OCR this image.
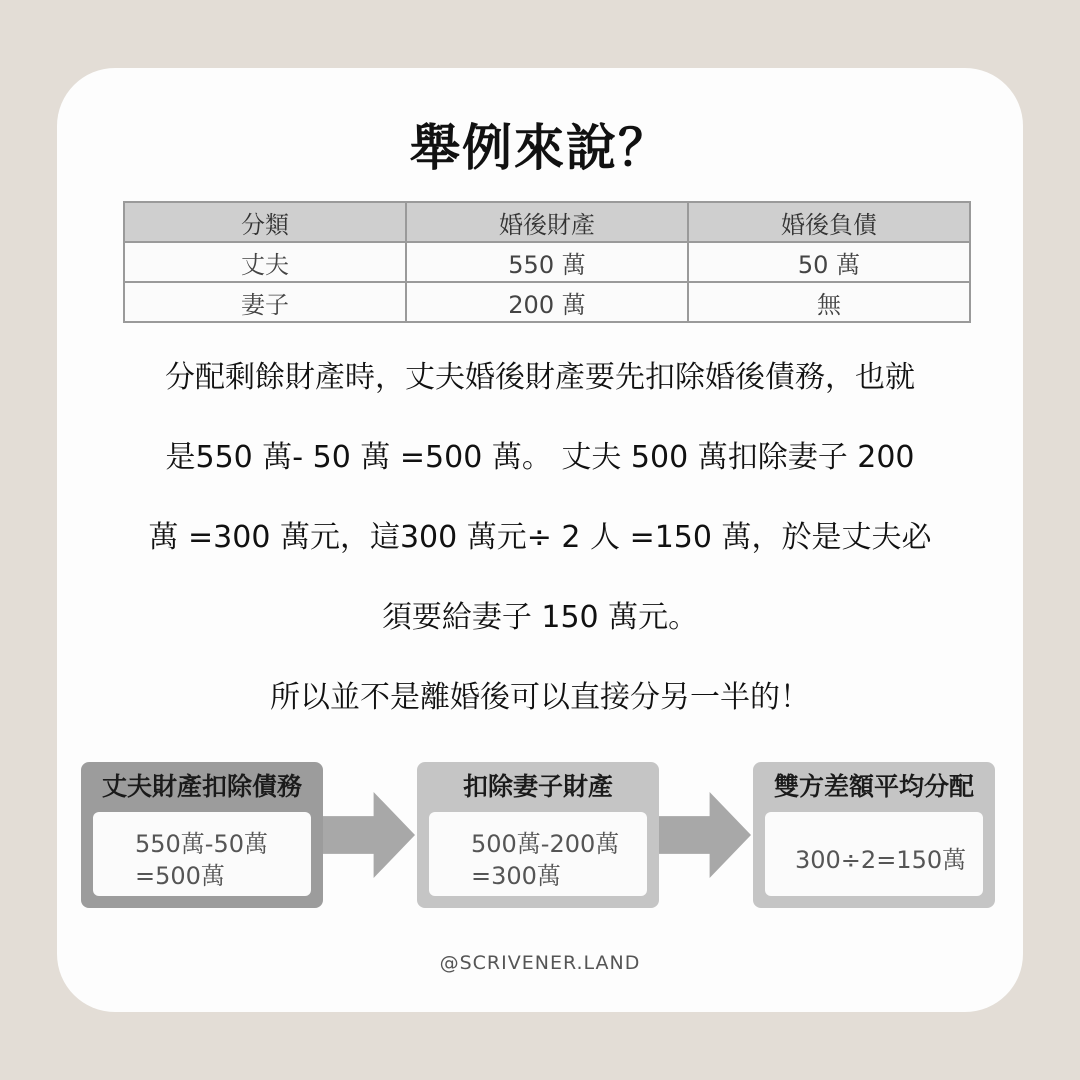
舉例來說？
分類	婚後財產	婚後負債
丈夫	550 萬	50 萬
妻子	200 萬	無
分配剩餘財產時，丈夫婚後財產要先扣除婚後債務，也就
是550 萬- 50 萬 =500 萬。 丈夫 500 萬扣除妻子 200
萬 =300 萬元，這300 萬元÷ 2 人 =150 萬，於是丈夫必
須要給妻子 150 萬元。
所以並不是離婚後可以直接分另一半的！
丈夫財產扣除債務
550萬-50萬
=500萬
扣除妻子財產
500萬-200萬
=300萬
雙方差額平均分配
300÷2=150萬
@SCRIVENER.LAND
